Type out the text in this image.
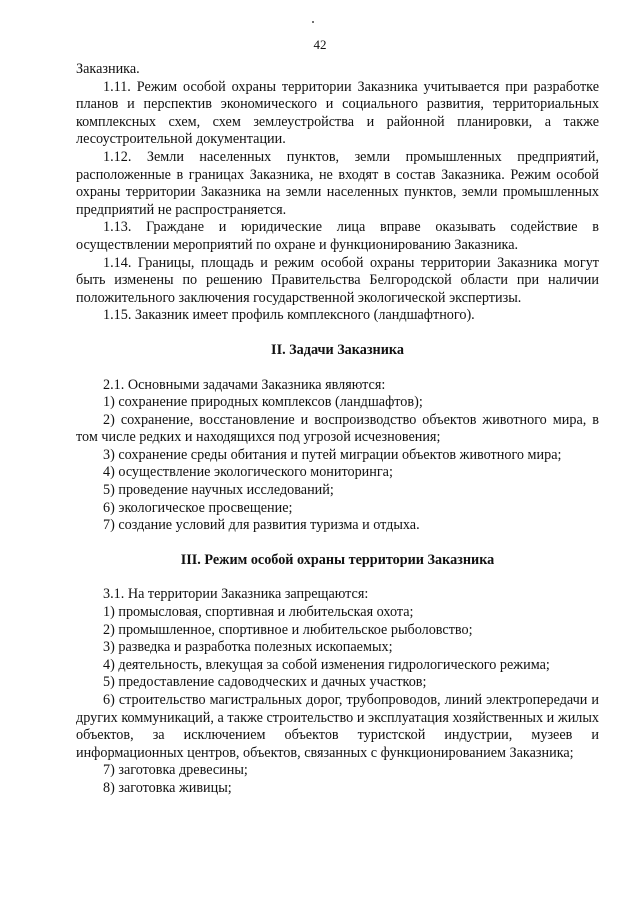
42

Заказника.

1.11. Режим особой охраны территории Заказника учитывается при разработке планов и перспектив экономического и социального развития, территориальных комплексных схем, схем землеустройства и районной планировки, а также лесоустроительной документации.

1.12. Земли населенных пунктов, земли промышленных предприятий, расположенные в границах Заказника, не входят в состав Заказника. Режим особой охраны территории Заказника на земли населенных пунктов, земли промышленных предприятий не распространяется.

1.13. Граждане и юридические лица вправе оказывать содействие в осуществлении мероприятий по охране и функционированию Заказника.

1.14. Границы, площадь и режим особой охраны территории Заказника могут быть изменены по решению Правительства Белгородской области при наличии положительного заключения государственной экологической экспертизы.

1.15. Заказник имеет профиль комплексного (ландшафтного).

II. Задачи Заказника

2.1. Основными задачами Заказника являются:

1) сохранение природных комплексов (ландшафтов);

2) сохранение, восстановление и воспроизводство объектов животного мира, в том числе редких и находящихся под угрозой исчезновения;

3) сохранение среды обитания и путей миграции объектов животного мира;

4) осуществление экологического мониторинга;

5) проведение научных исследований;

6) экологическое просвещение;

7) создание условий для развития туризма и отдыха.

III. Режим особой охраны территории Заказника

3.1. На территории Заказника запрещаются:

1) промысловая, спортивная и любительская охота;

2) промышленное, спортивное и любительское рыболовство;

3) разведка и разработка полезных ископаемых;

4) деятельность, влекущая за собой изменения гидрологического режима;

5) предоставление садоводческих и дачных участков;

6) строительство магистральных дорог, трубопроводов, линий электропередачи и других коммуникаций, а также строительство и эксплуатация хозяйственных и жилых объектов, за исключением объектов туристской индустрии, музеев и информационных центров, объектов, связанных с функционированием Заказника;

7) заготовка древесины;

8) заготовка живицы;
